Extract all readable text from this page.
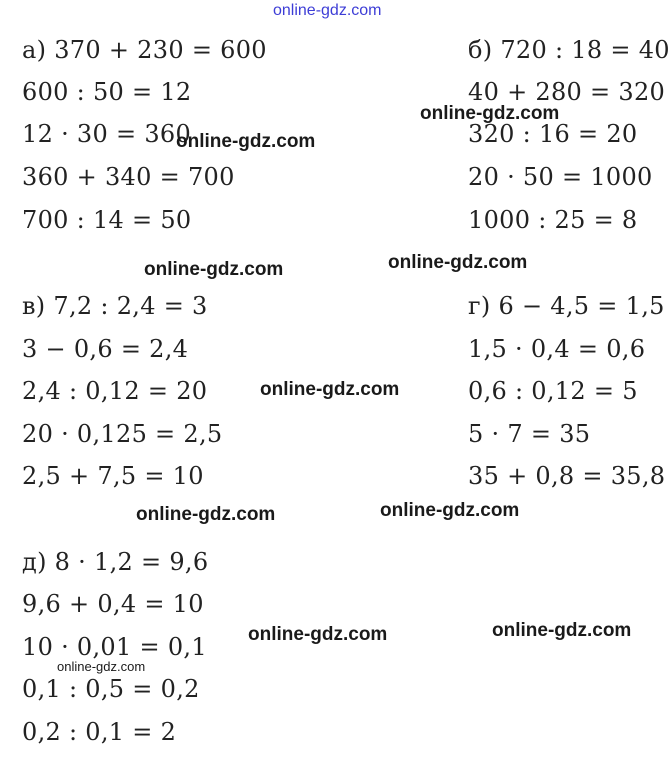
online-gdz.com
а) 370 + 230 = 600
600 : 50 = 12
12 · 30 = 360
360 + 340 = 700
700 : 14 = 50
б) 720 : 18 = 40
40 + 280 = 320
320 : 16 = 20
20 · 50 = 1000
1000 : 25 = 8
в) 7,2 : 2,4 = 3
3 − 0,6 = 2,4
2,4 : 0,12 = 20
20 · 0,125 = 2,5
2,5 + 7,5 = 10
г) 6 − 4,5 = 1,5
1,5 · 0,4 = 0,6
0,6 : 0,12 = 5
5 · 7 = 35
35 + 0,8 = 35,8
д) 8 · 1,2 = 9,6
9,6 + 0,4 = 10
10 · 0,01 = 0,1
0,1 : 0,5 = 0,2
0,2 : 0,1 = 2
online-gdz.com
online-gdz.com
online-gdz.com	online-gdz.com
online-gdz.com
online-gdz.com	online-gdz.com
online-gdz.com	online-gdz.com
online-gdz.com
